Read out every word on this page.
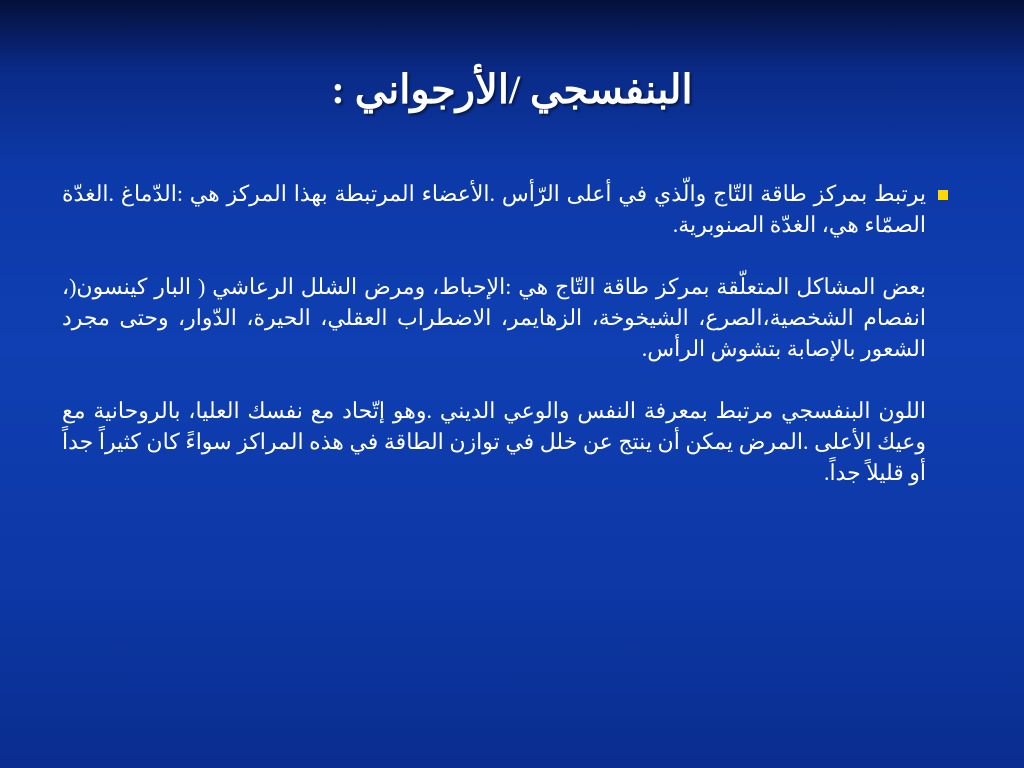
البنفسجي /الأرجواني :

يرتبط بمركز طاقة التّاج والّذي في أعلى الرّأس .الأعضاء المرتبطة بهذا المركز هي :الدّماغ .الغدّة الصمّاء هي، الغدّة الصنوبرية.

بعض المشاكل المتعلّقة بمركز طاقة التّاج هي :الإحباط، ومرض الشلل الرعاشي ( البار كينسون(، انفصام الشخصية،الصرع، الشيخوخة، الزهايمر، الاضطراب العقلي، الحيرة، الدّوار، وحتى مجرد الشعور بالإصابة بتشوش الرأس.

اللون البنفسجي مرتبط بمعرفة النفس والوعي الديني .وهو إتّحاد مع نفسك العليا، بالروحانية مع وعيك الأعلى .المرض يمكن أن ينتج عن خلل في توازن الطاقة في هذه المراكز سواءً كان كثيراً جداً أو قليلاً جداً.
